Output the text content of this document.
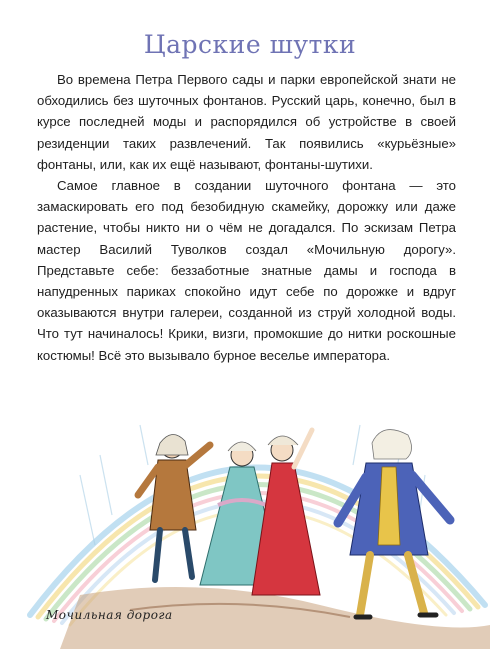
Царские шутки

Во времена Петра Первого сады и парки европейской знати не обходились без шуточных фонтанов. Русский царь, конечно, был в курсе последней моды и распорядился об устройстве в своей резиденции таких развлечений. Так появились «курьёзные» фонтаны, или, как их ещё называют, фонтаны-шутихи.

Самое главное в создании шуточного фонтана — это замаскировать его под безобидную скамейку, дорожку или даже растение, чтобы никто ни о чём не догадался. По эскизам Петра мастер Василий Туволков создал «Мочильную дорогу». Представьте себе: беззаботные знатные дамы и господа в напудренных париках спокойно идут себе по дорожке и вдруг оказываются внутри галереи, созданной из струй холодной воды. Что тут начиналось! Крики, визги, промокшие до нитки роскошные костюмы! Всё это вызывало бурное веселье императора.

Мочильная дорога
